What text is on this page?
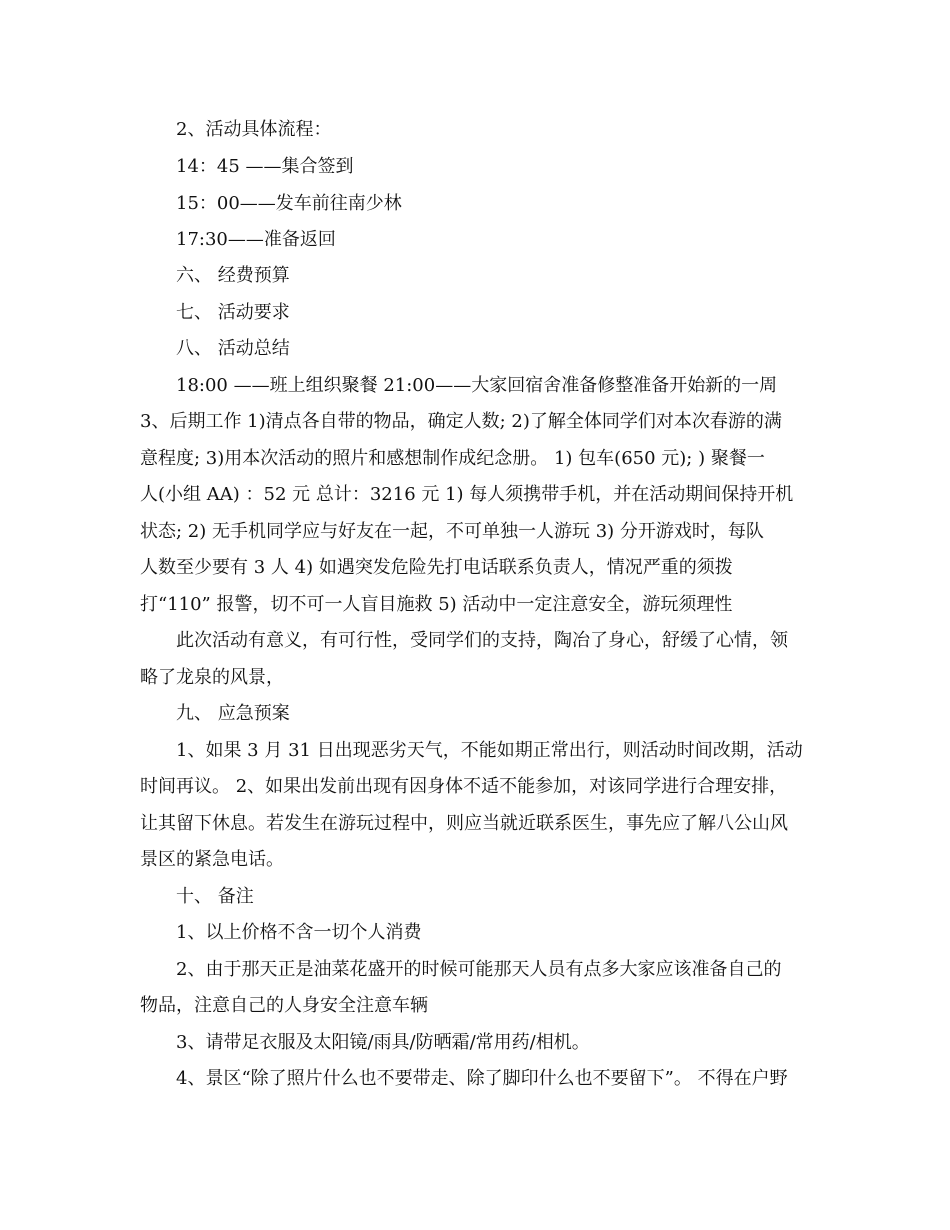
2、活动具体流程：
14：45 ——集合签到
15：00——发车前往南少林
17:30——准备返回
六、 经费预算
七、 活动要求
八、 活动总结
18:00 ——班上组织聚餐 21:00——大家回宿舍准备修整准备开始新的一周
3、后期工作 1)清点各自带的物品，确定人数; 2)了解全体同学们对本次春游的满
意程度; 3)用本次活动的照片和感想制作成纪念册。 1) 包车(650 元); ) 聚餐一
人(小组 AA) ：52 元 总计：3216 元 1) 每人须携带手机，并在活动期间保持开机
状态; 2) 无手机同学应与好友在一起，不可单独一人游玩 3) 分开游戏时，每队
人数至少要有 3 人 4) 如遇突发危险先打电话联系负责人，情况严重的须拨
打“110” 报警，切不可一人盲目施救 5) 活动中一定注意安全，游玩须理性
此次活动有意义，有可行性，受同学们的支持，陶冶了身心，舒缓了心情，领
略了龙泉的风景，
九、 应急预案
1、如果 3 月 31 日出现恶劣天气，不能如期正常出行，则活动时间改期，活动
时间再议。 2、如果出发前出现有因身体不适不能参加，对该同学进行合理安排，
让其留下休息。若发生在游玩过程中，则应当就近联系医生，事先应了解八公山风
景区的紧急电话。
十、 备注
1、以上价格不含一切个人消费
2、由于那天正是油菜花盛开的时候可能那天人员有点多大家应该准备自己的
物品，注意自己的人身安全注意车辆
3、请带足衣服及太阳镜/雨具/防晒霜/常用药/相机。
4、景区“除了照片什么也不要带走、除了脚印什么也不要留下”。 不得在户野
